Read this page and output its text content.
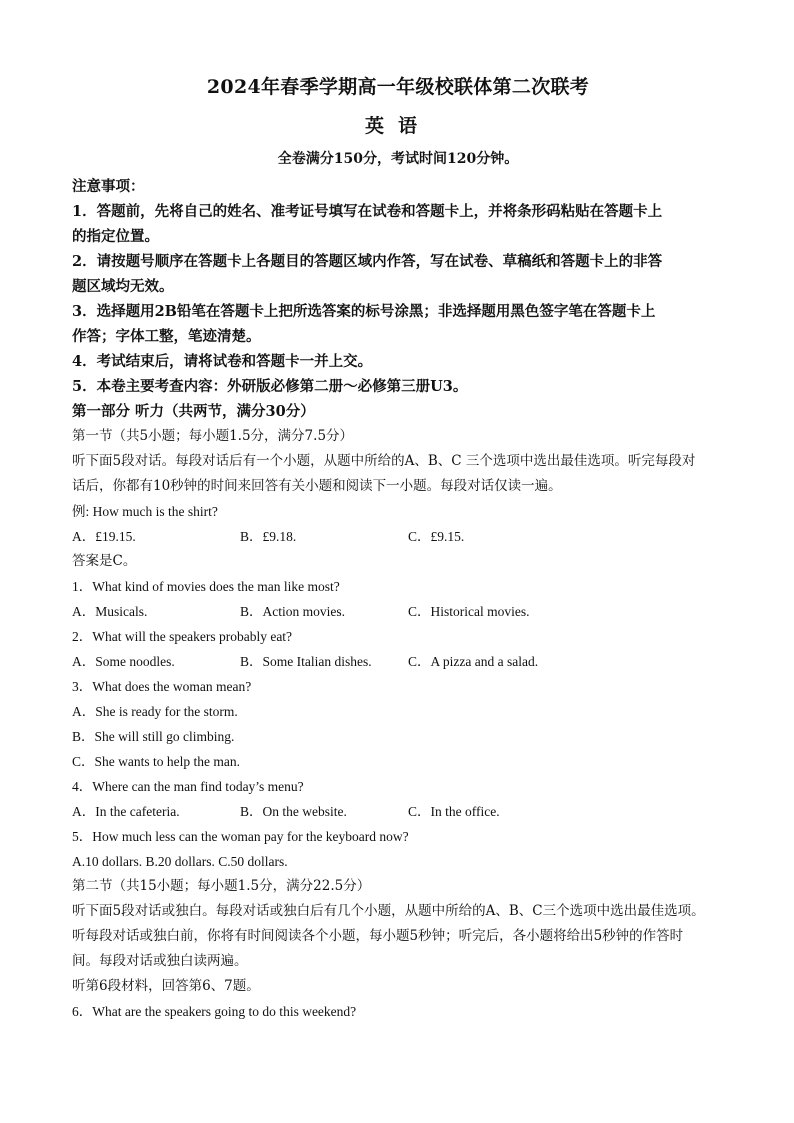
2024年春季学期高一年级校联体第二次联考
英语
全卷满分150分，考试时间120分钟。
注意事项：
1．答题前，先将自己的姓名、准考证号填写在试卷和答题卡上，并将条形码粘贴在答题卡上
的指定位置。
2．请按题号顺序在答题卡上各题目的答题区域内作答，写在试卷、草稿纸和答题卡上的非答
题区域均无效。
3．选择题用2B铅笔在答题卡上把所选答案的标号涂黑；非选择题用黑色签字笔在答题卡上
作答；字体工整，笔迹清楚。
4．考试结束后，请将试卷和答题卡一并上交。
5．本卷主要考查内容：外研版必修第二册～必修第三册U3。
第一部分 听力（共两节，满分30分）
第一节（共5小题；每小题1.5分，满分7.5分）
听下面5段对话。每段对话后有一个小题，从题中所给的A、B、C 三个选项中选出最佳选项。听完每段对
话后，你都有10秒钟的时间来回答有关小题和阅读下一小题。每段对话仅读一遍。
例: How much is the shirt?
A．£19.15.	B．£9.18.	C．£9.15.
答案是C。
1．What kind of movies does the man like most?
A．Musicals.	B．Action movies.	C．Historical movies.
2．What will the speakers probably eat?
A．Some noodles.	B．Some Italian dishes.	C．A pizza and a salad.
3．What does the woman mean?
A．She is ready for the storm.
B．She will still go climbing.
C．She wants to help the man.
4．Where can the man find today’s menu?
A．In the cafeteria.	B．On the website.	C．In the office.
5．How much less can the woman pay for the keyboard now?
A.10 dollars. B.20 dollars. C.50 dollars.
第二节（共15小题；每小题1.5分，满分22.5分）
听下面5段对话或独白。每段对话或独白后有几个小题，从题中所给的A、B、C三个选项中选出最佳选项。
听每段对话或独白前，你将有时间阅读各个小题，每小题5秒钟；听完后，各小题将给出5秒钟的作答时
间。每段对话或独白读两遍。
听第6段材料，回答第6、7题。
6．What are the speakers going to do this weekend?
